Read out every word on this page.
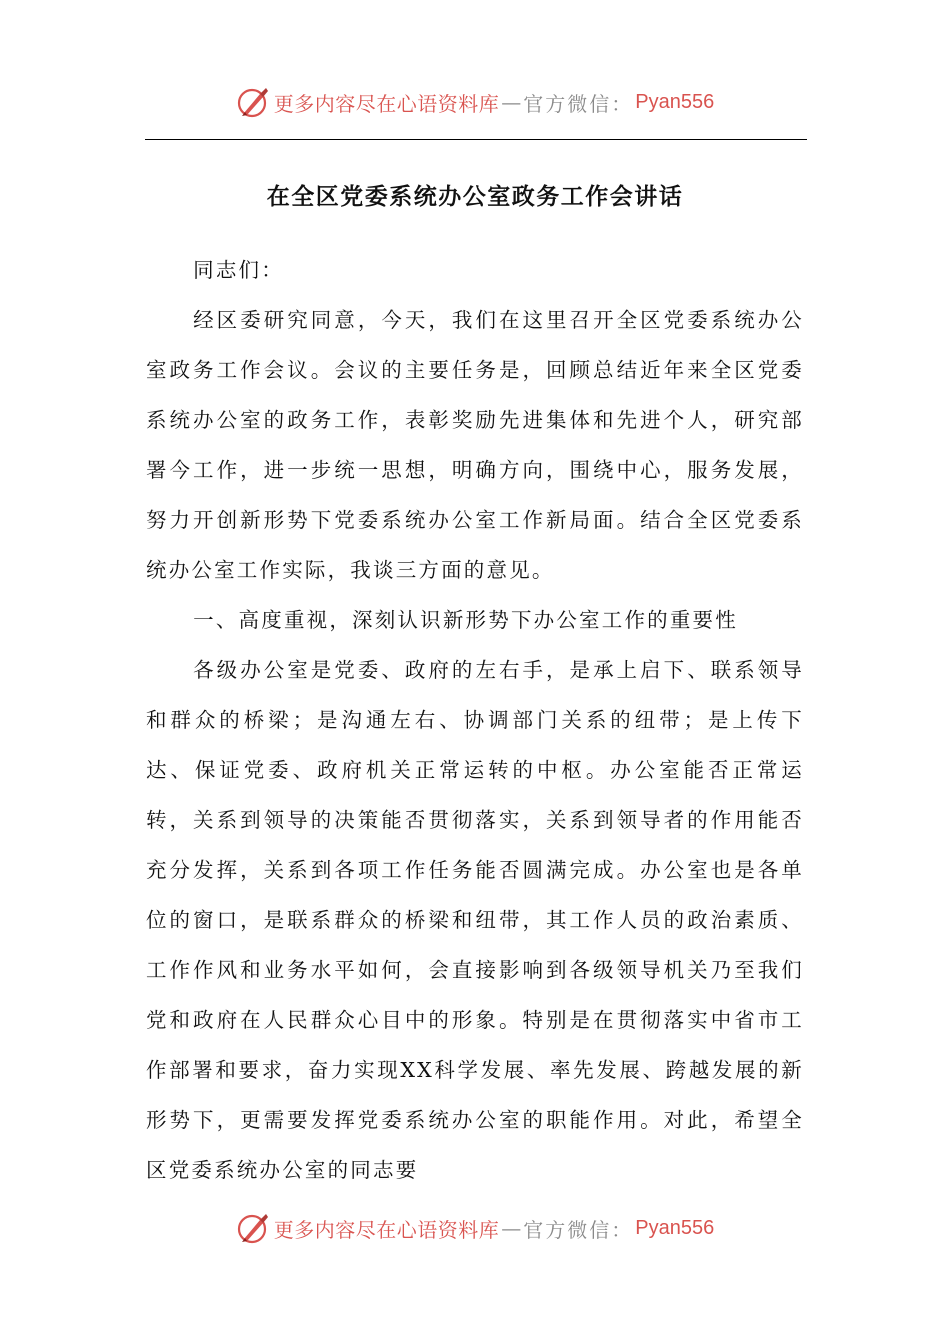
更多内容尽在心语资料库 — 官方微信： Pyan556
在全区党委系统办公室政务工作会讲话

同志们：

经区委研究同意，今天，我们在这里召开全区党委系统办公室政务工作会议。会议的主要任务是，回顾总结近年来全区党委系统办公室的政务工作，表彰奖励先进集体和先进个人，研究部署今工作，进一步统一思想，明确方向，围绕中心，服务发展，努力开创新形势下党委系统办公室工作新局面。结合全区党委系统办公室工作实际，我谈三方面的意见。

一、高度重视，深刻认识新形势下办公室工作的重要性

各级办公室是党委、政府的左右手，是承上启下、联系领导和群众的桥梁；是沟通左右、协调部门关系的纽带；是上传下达、保证党委、政府机关正常运转的中枢。办公室能否正常运转，关系到领导的决策能否贯彻落实，关系到领导者的作用能否充分发挥，关系到各项工作任务能否圆满完成。办公室也是各单位的窗口，是联系群众的桥梁和纽带，其工作人员的政治素质、工作作风和业务水平如何，会直接影响到各级领导机关乃至我们党和政府在人民群众心目中的形象。特别是在贯彻落实中省市工作部署和要求，奋力实现XX科学发展、率先发展、跨越发展的新形势下，更需要发挥党委系统办公室的职能作用。对此，希望全区党委系统办公室的同志要

更多内容尽在心语资料库 — 官方微信： Pyan556
